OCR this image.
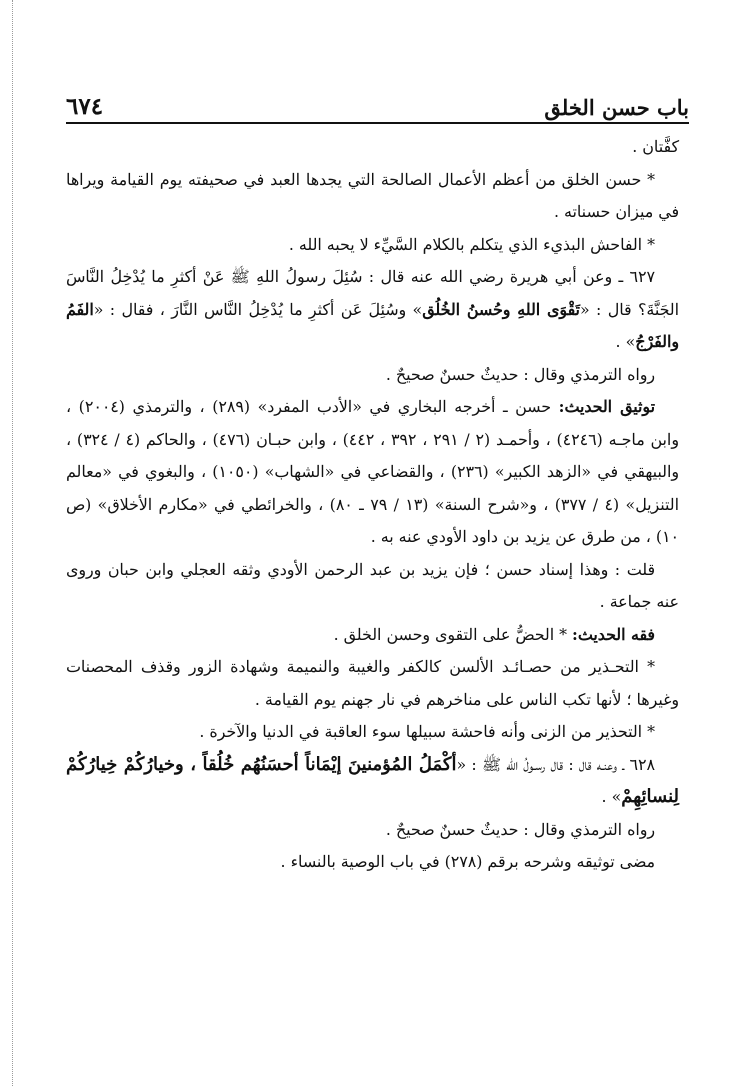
باب حسن الخلق
٦٧٤

كفَّتان .

* حسن الخلق من أعظم الأعمال الصالحة التي يجدها العبد في صحيفته يوم القيامة ويراها في ميزان حسناته .

* الفاحش البذيء الذي يتكلم بالكلام السَّيِّء لا يحبه الله .

٦٢٧ ـ وعن أبي هريرة رضي الله عنه قال : سُئِلَ رسولُ اللهِ ﷺ عَنْ أكثرِ ما يُدْخِلُ النَّاسَ الجَنَّةَ؟ قال : «تَقْوَى اللهِ وحُسنُ الخُلُق» وسُئِلَ عَن أكثرِ ما يُدْخِلُ النَّاس النَّارَ ، فقال : «الفَمُ والفَرْجُ» .

رواه الترمذي وقال : حديثٌ حسنٌ صحيحٌ .

توثيق الحديث: حسن ـ أخرجه البخاري في «الأدب المفرد» (٢٨٩) ، والترمذي (٢٠٠٤) ، وابن ماجـه (٤٢٤٦) ، وأحمـد (٢ / ٢٩١ ، ٣٩٢ ، ٤٤٢) ، وابن حبـان (٤٧٦) ، والحاكم (٤ / ٣٢٤) ، والبيهقي في «الزهد الكبير» (٢٣٦) ، والقضاعي في «الشهاب» (١٠٥٠) ، والبغوي في «معالم التنزيل» (٤ / ٣٧٧) ، و«شرح السنة» (١٣ / ٧٩ ـ ٨٠) ، والخرائطي في «مكارم الأخلاق» (ص ١٠) ، من طرق عن يزيد بن داود الأودي عنه به .

قلت : وهذا إسناد حسن ؛ فإن يزيد بن عبد الرحمن الأودي وثقه العجلي وابن حبان وروى عنه جماعة .

فقه الحديث: * الحضُّ على التقوى وحسن الخلق .

* التحـذير من حصـائـد الألسن كالكفر والغيبة والنميمة وشهادة الزور وقذف المحصنات وغيرها ؛ لأنها تكب الناس على مناخرهم في نار جهنم يوم القيامة .

* التحذير من الزنى وأنه فاحشة سبيلها سوء العاقبة في الدنيا والآخرة .

٦٢٨ ـ وعنـه قال : قال رسـولُ الله ﷺ : «أكْمَلُ المُؤمنينَ إيْمَاناً أحسَنُهُم خُلُقاً ، وخيارُكُمْ خِيارُكُمْ لِنسائِهِمْ» .

رواه الترمذي وقال : حديثٌ حسنٌ صحيحٌ .

مضى توثيقه وشرحه برقم (٢٧٨) في باب الوصية بالنساء .
